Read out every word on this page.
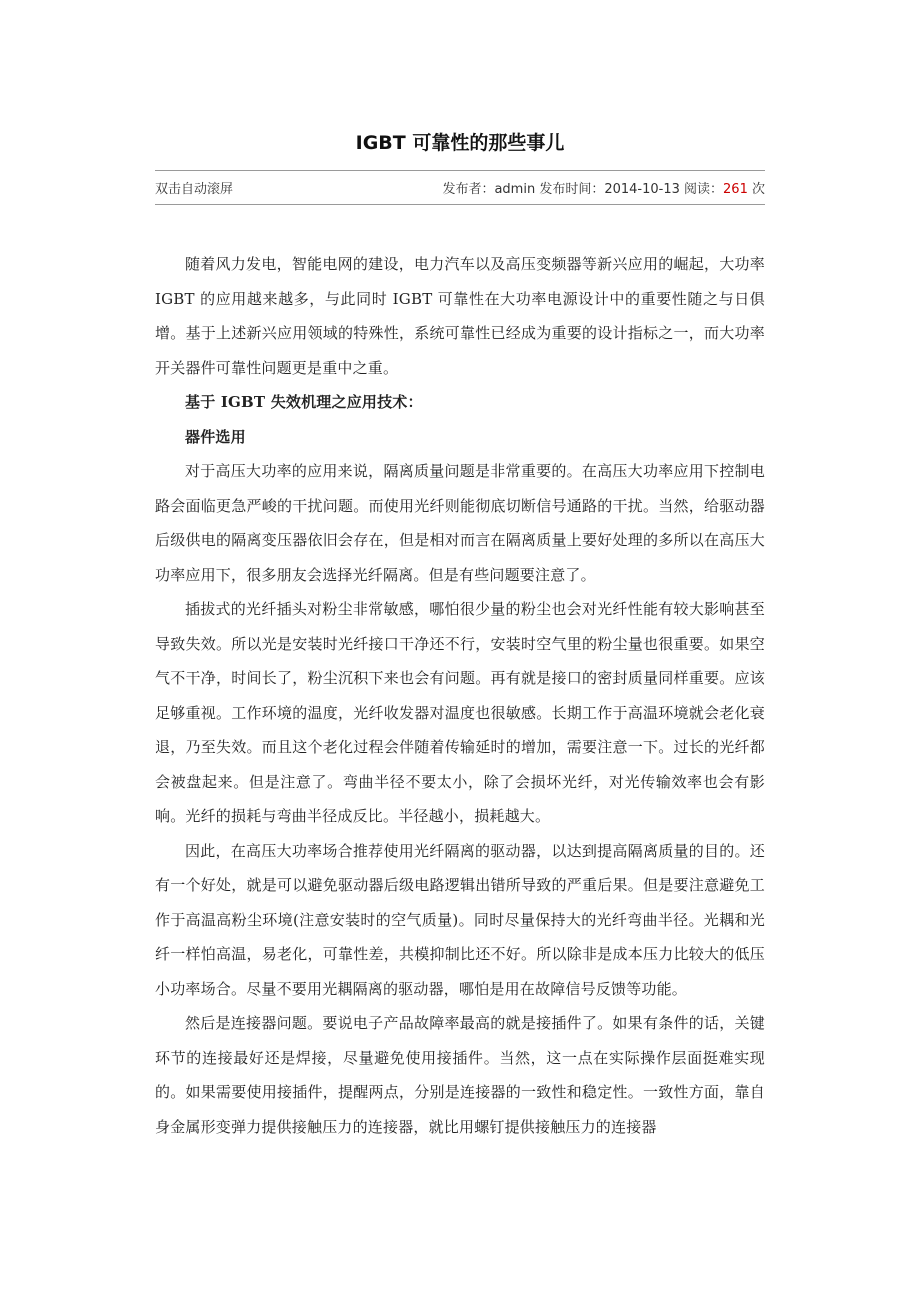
IGBT 可靠性的那些事儿
双击自动滚屏	发布者：admin 发布时间：2014-10-13 阅读：261 次

随着风力发电，智能电网的建设，电力汽车以及高压变频器等新兴应用的崛起，大功率 IGBT 的应用越来越多，与此同时 IGBT 可靠性在大功率电源设计中的重要性随之与日俱增。基于上述新兴应用领域的特殊性，系统可靠性已经成为重要的设计指标之一，而大功率开关器件可靠性问题更是重中之重。

基于 IGBT 失效机理之应用技术：

器件选用

对于高压大功率的应用来说，隔离质量问题是非常重要的。在高压大功率应用下控制电路会面临更急严峻的干扰问题。而使用光纤则能彻底切断信号通路的干扰。当然，给驱动器后级供电的隔离变压器依旧会存在，但是相对而言在隔离质量上要好处理的多所以在高压大功率应用下，很多朋友会选择光纤隔离。但是有些问题要注意了。

插拔式的光纤插头对粉尘非常敏感，哪怕很少量的粉尘也会对光纤性能有较大影响甚至导致失效。所以光是安装时光纤接口干净还不行，安装时空气里的粉尘量也很重要。如果空气不干净，时间长了，粉尘沉积下来也会有问题。再有就是接口的密封质量同样重要。应该足够重视。工作环境的温度，光纤收发器对温度也很敏感。长期工作于高温环境就会老化衰退，乃至失效。而且这个老化过程会伴随着传输延时的增加，需要注意一下。过长的光纤都会被盘起来。但是注意了。弯曲半径不要太小，除了会损坏光纤，对光传输效率也会有影响。光纤的损耗与弯曲半径成反比。半径越小，损耗越大。

因此，在高压大功率场合推荐使用光纤隔离的驱动器，以达到提高隔离质量的目的。还有一个好处，就是可以避免驱动器后级电路逻辑出错所导致的严重后果。但是要注意避免工作于高温高粉尘环境(注意安装时的空气质量)。同时尽量保持大的光纤弯曲半径。光耦和光纤一样怕高温，易老化，可靠性差，共模抑制比还不好。所以除非是成本压力比较大的低压小功率场合。尽量不要用光耦隔离的驱动器，哪怕是用在故障信号反馈等功能。

然后是连接器问题。要说电子产品故障率最高的就是接插件了。如果有条件的话，关键环节的连接最好还是焊接，尽量避免使用接插件。当然，这一点在实际操作层面挺难实现的。如果需要使用接插件，提醒两点，分别是连接器的一致性和稳定性。一致性方面，靠自身金属形变弹力提供接触压力的连接器，就比用螺钉提供接触压力的连接器
